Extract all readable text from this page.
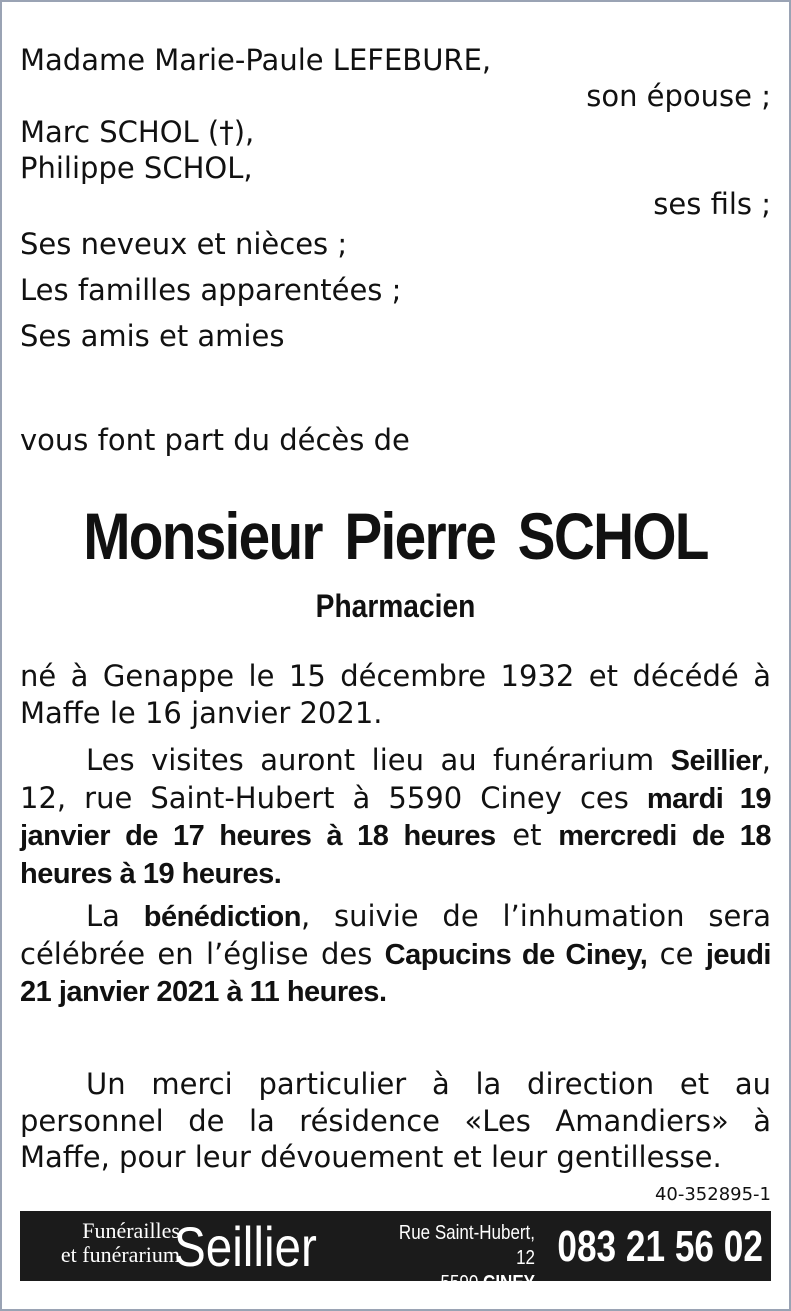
Madame Marie-Paule LEFEBURE,
son épouse ;
Marc SCHOL (†),
Philippe SCHOL,
ses fils ;
Ses neveux et nièces ;
Les familles apparentées ;
Ses amis et amies
vous font part du décès de
Monsieur Pierre SCHOL
Pharmacien
né à Genappe le 15 décembre 1932 et décédé à Maffe le 16 janvier 2021.
Les visites auront lieu au funérarium Seillier, 12, rue Saint-Hubert à 5590 Ciney ces mardi 19 janvier de 17 heures à 18 heures et mercredi de 18 heures à 19 heures.
La bénédiction, suivie de l’inhumation sera célébrée en l’église des Capucins de Ciney, ce jeudi 21 janvier 2021 à 11 heures.
Un merci particulier à la direction et au personnel de la résidence «Les Amandiers» à Maffe, pour leur dévouement et leur gentillesse.
40-352895-1
Funérailles
et funérarium
Seillier	Rue Saint-Hubert, 12
5590 CINEY
083 21 56 02
